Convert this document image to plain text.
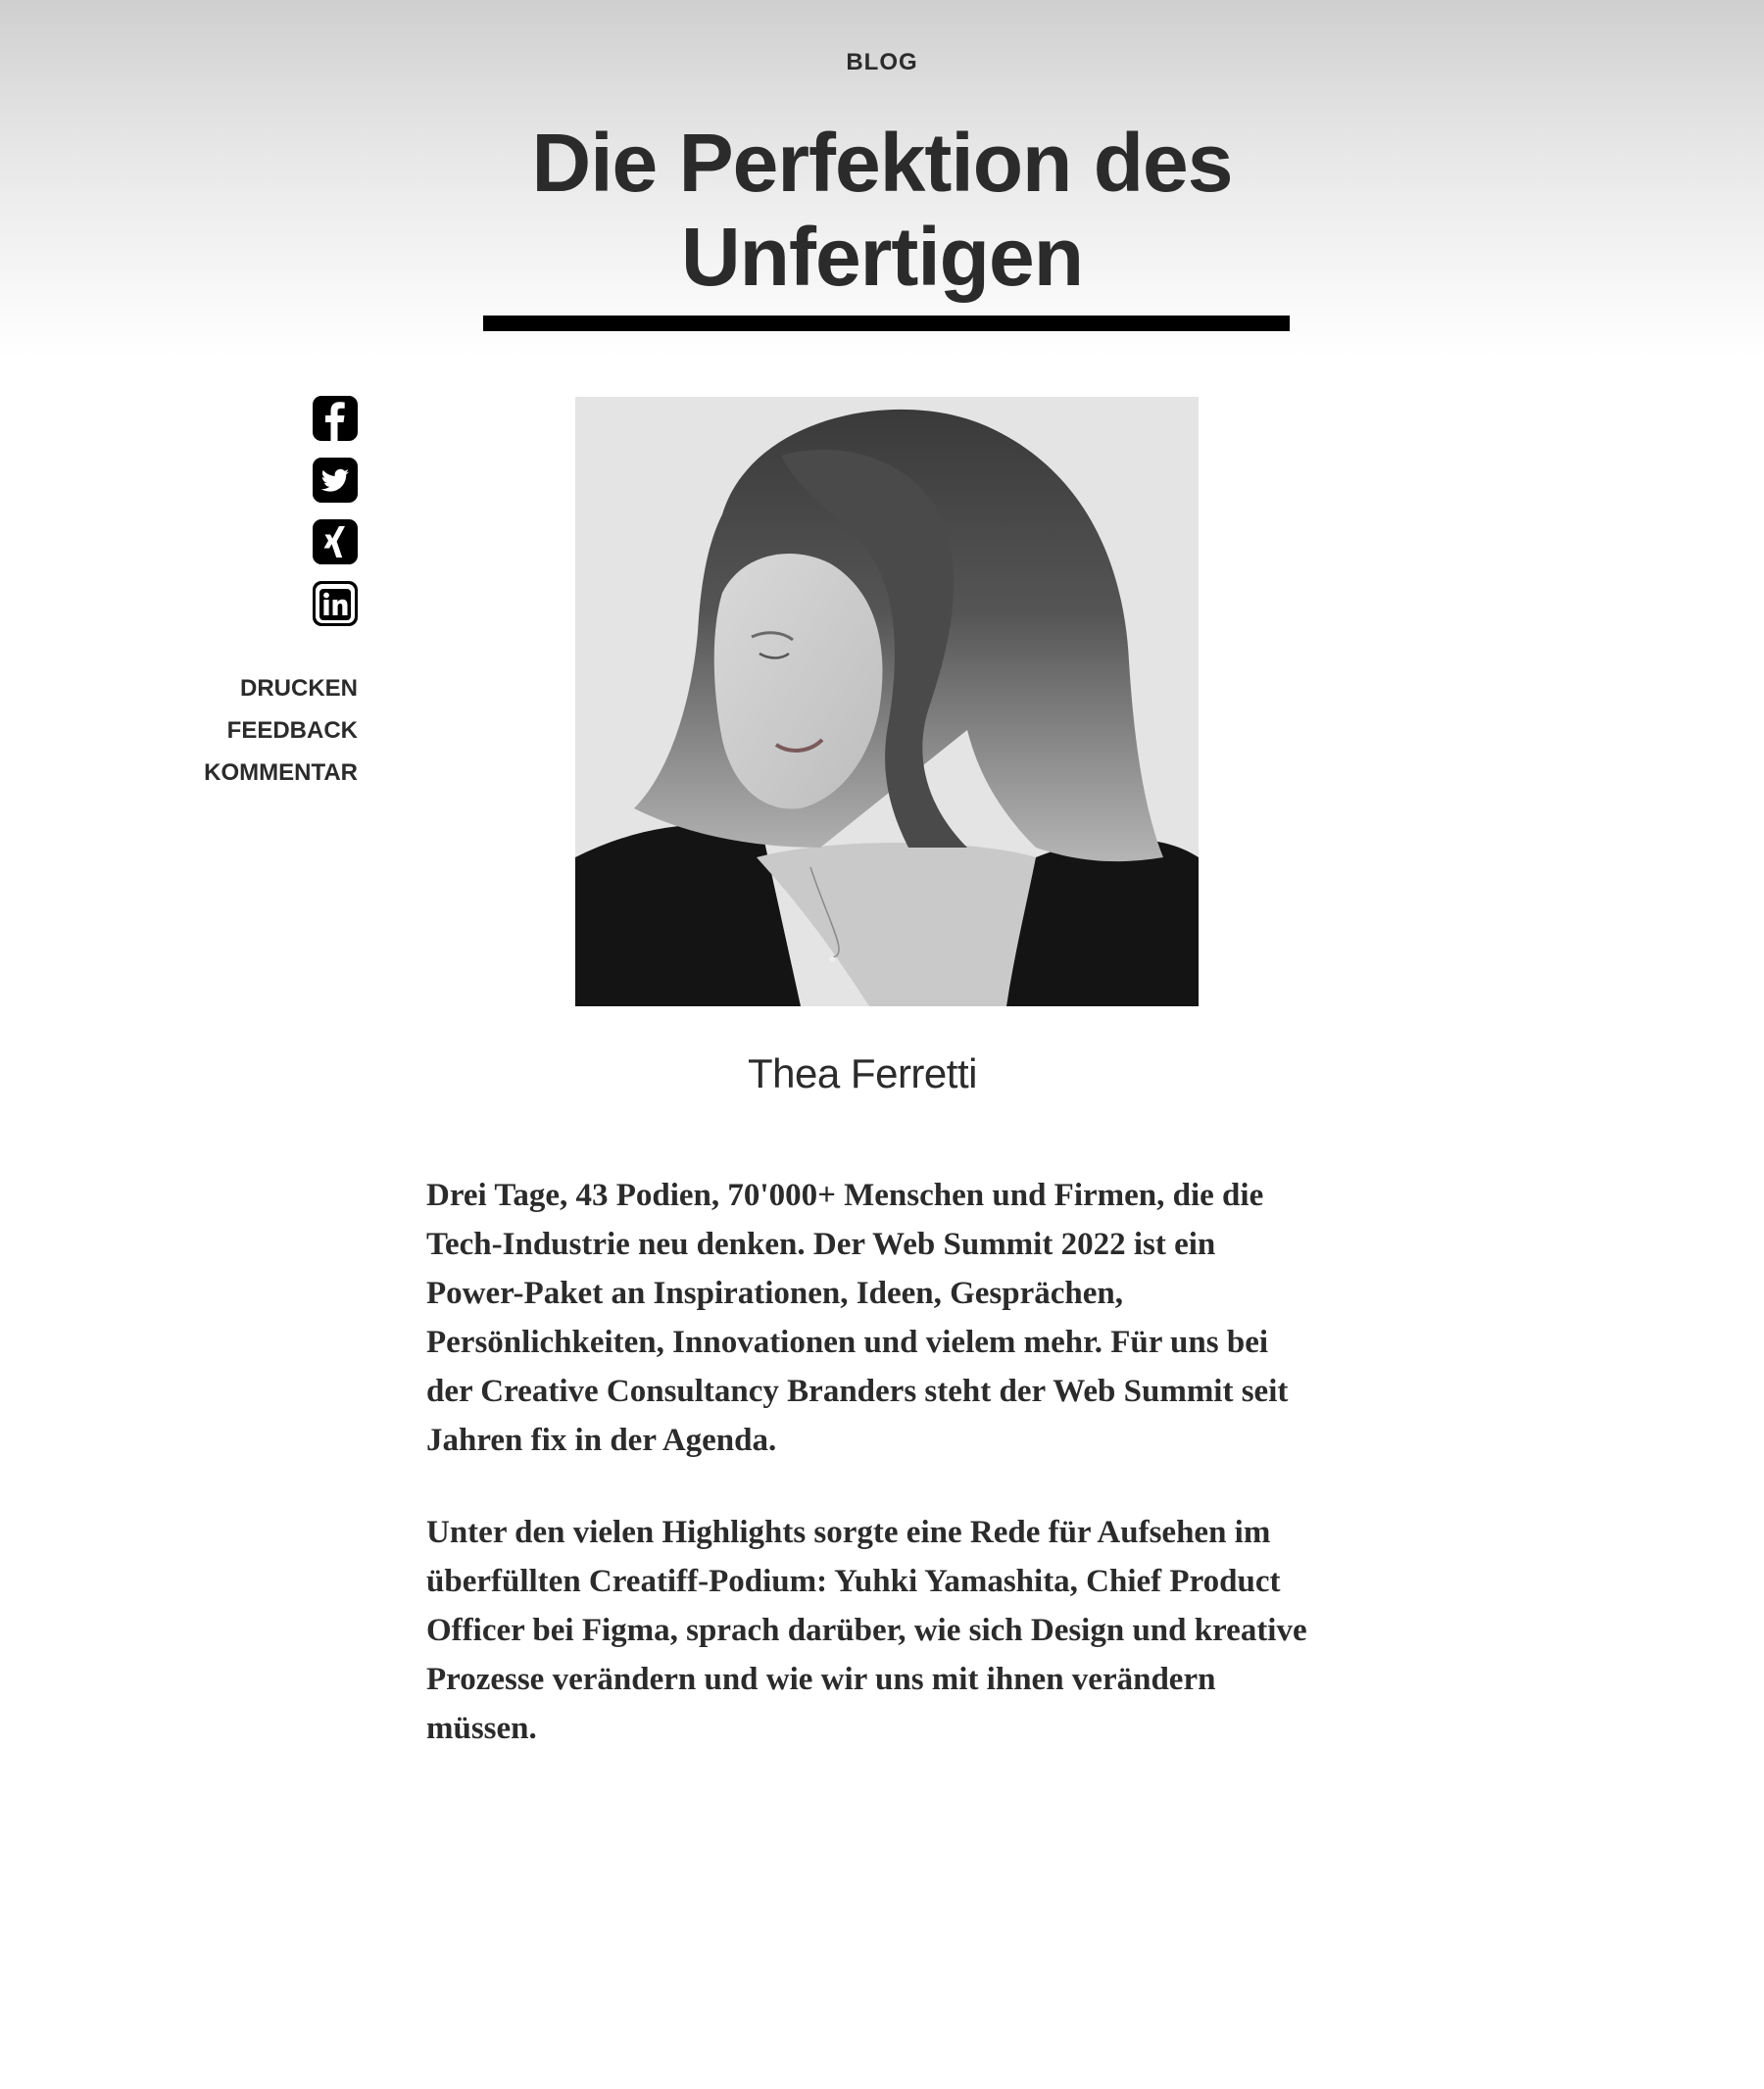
BLOG
Die Perfektion des Unfertigen
DRUCKEN
FEEDBACK
KOMMENTAR
Thea Ferretti

Drei Tage, 43 Podien, 70'000+ Menschen und Firmen, die die Tech-Industrie neu denken. Der Web Summit 2022 ist ein Power-Paket an Inspirationen, Ideen, Gesprächen, Persönlichkeiten, Innovationen und vielem mehr. Für uns bei der Creative Consultancy Branders steht der Web Summit seit Jahren fix in der Agenda.

Unter den vielen Highlights sorgte eine Rede für Aufsehen im überfüllten Creatiff-Podium: Yuhki Yamashita, Chief Product Officer bei Figma, sprach darüber, wie sich Design und kreative Prozesse verändern und wie wir uns mit ihnen verändern müssen.
